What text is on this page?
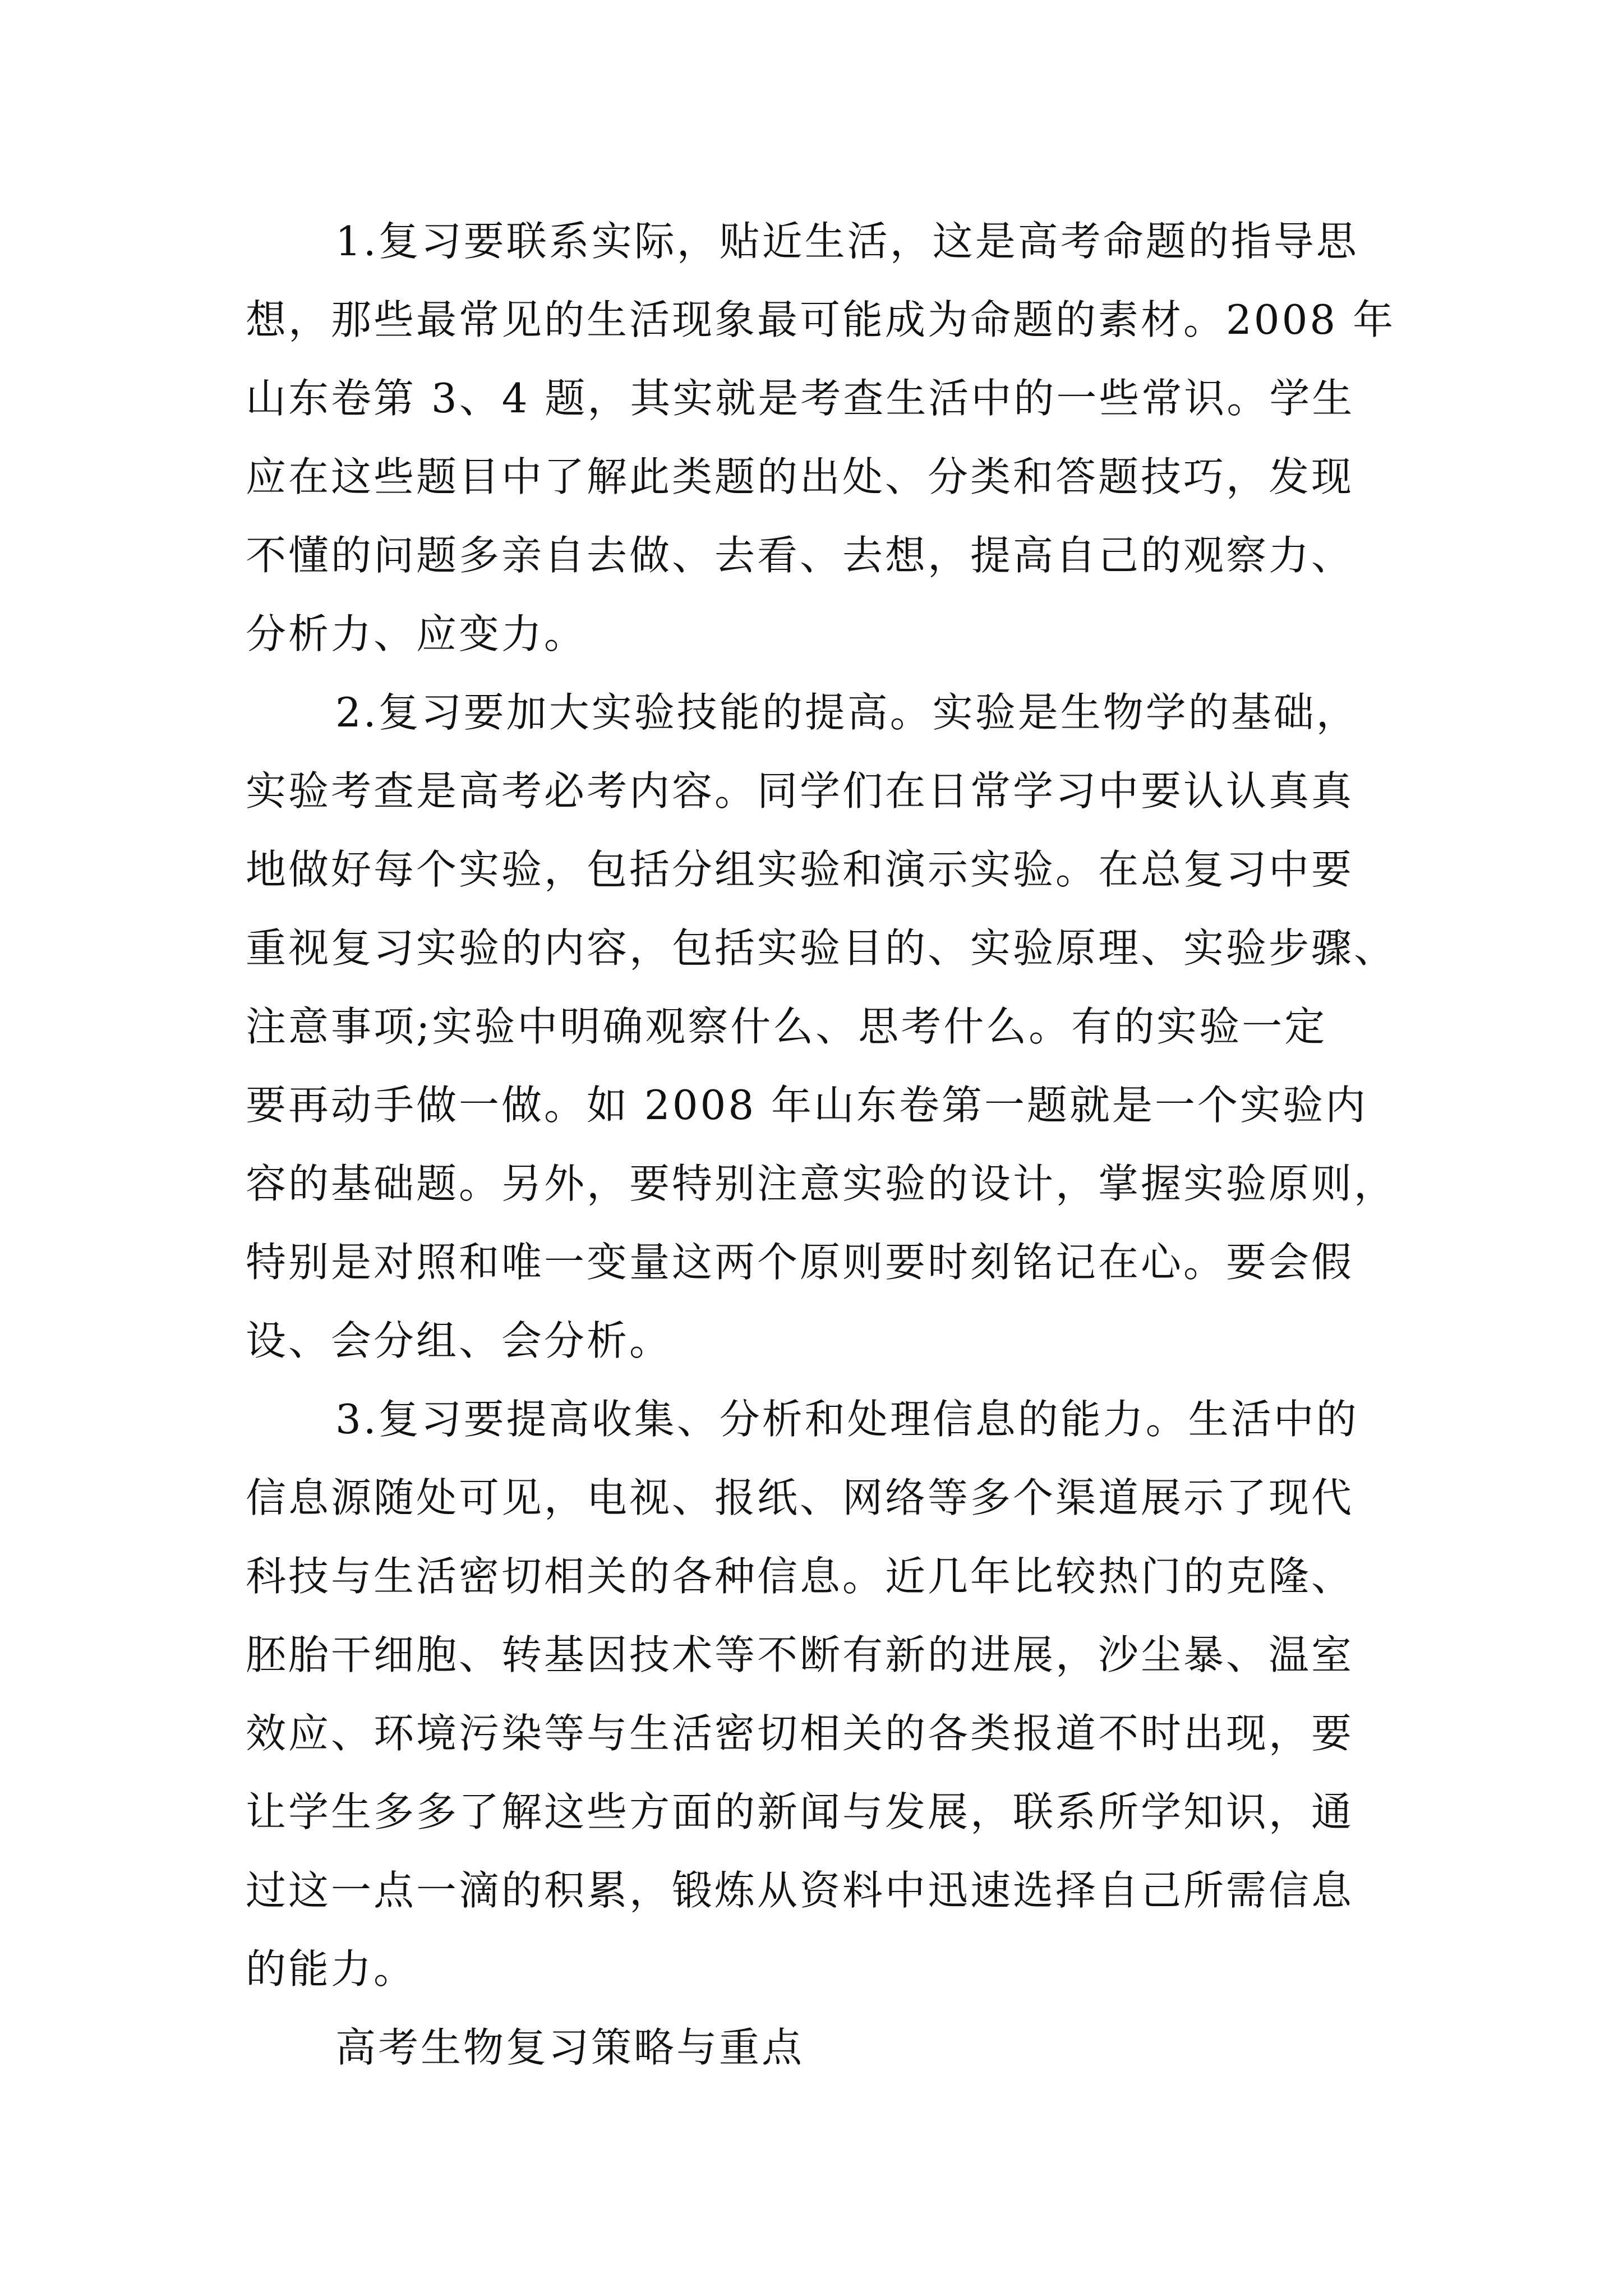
1.复习要联系实际，贴近生活，这是高考命题的指导思
想，那些最常见的生活现象最可能成为命题的素材。2008 年
山东卷第 3、4 题，其实就是考查生活中的一些常识。学生
应在这些题目中了解此类题的出处、分类和答题技巧，发现
不懂的问题多亲自去做、去看、去想，提高自己的观察力、
分析力、应变力。
2.复习要加大实验技能的提高。实验是生物学的基础，
实验考查是高考必考内容。同学们在日常学习中要认认真真
地做好每个实验，包括分组实验和演示实验。在总复习中要
重视复习实验的内容，包括实验目的、实验原理、实验步骤、
注意事项;实验中明确观察什么、思考什么。有的实验一定
要再动手做一做。如 2008 年山东卷第一题就是一个实验内
容的基础题。另外，要特别注意实验的设计，掌握实验原则，
特别是对照和唯一变量这两个原则要时刻铭记在心。要会假
设、会分组、会分析。
3.复习要提高收集、分析和处理信息的能力。生活中的
信息源随处可见，电视、报纸、网络等多个渠道展示了现代
科技与生活密切相关的各种信息。近几年比较热门的克隆、
胚胎干细胞、转基因技术等不断有新的进展，沙尘暴、温室
效应、环境污染等与生活密切相关的各类报道不时出现，要
让学生多多了解这些方面的新闻与发展，联系所学知识，通
过这一点一滴的积累，锻炼从资料中迅速选择自己所需信息
的能力。
高考生物复习策略与重点
